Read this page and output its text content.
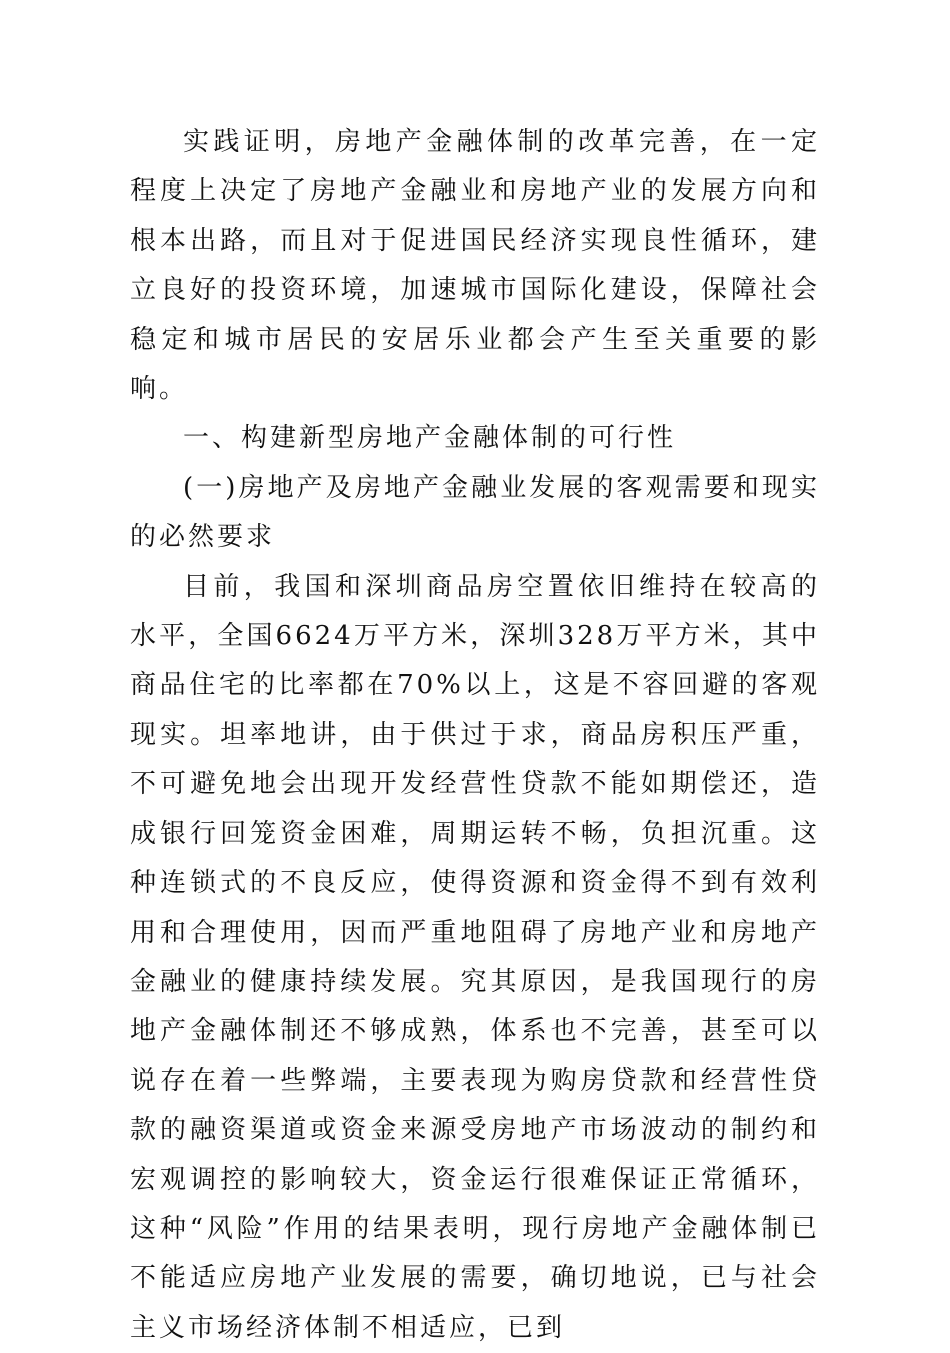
实践证明，房地产金融体制的改革完善，在一定程度上决定了房地产金融业和房地产业的发展方向和根本出路，而且对于促进国民经济实现良性循环，建立良好的投资环境，加速城市国际化建设，保障社会稳定和城市居民的安居乐业都会产生至关重要的影响。

一、构建新型房地产金融体制的可行性

(一)房地产及房地产金融业发展的客观需要和现实的必然要求

目前，我国和深圳商品房空置依旧维持在较高的水平，全国6624万平方米，深圳328万平方米，其中商品住宅的比率都在70%以上，这是不容回避的客观现实。坦率地讲，由于供过于求，商品房积压严重，不可避免地会出现开发经营性贷款不能如期偿还，造成银行回笼资金困难，周期运转不畅，负担沉重。这种连锁式的不良反应，使得资源和资金得不到有效利用和合理使用，因而严重地阻碍了房地产业和房地产金融业的健康持续发展。究其原因，是我国现行的房地产金融体制还不够成熟，体系也不完善，甚至可以说存在着一些弊端，主要表现为购房贷款和经营性贷款的融资渠道或资金来源受房地产市场波动的制约和宏观调控的影响较大，资金运行很难保证正常循环，这种“风险”作用的结果表明，现行房地产金融体制已不能适应房地产业发展的需要，确切地说，已与社会主义市场经济体制不相适应，已到
